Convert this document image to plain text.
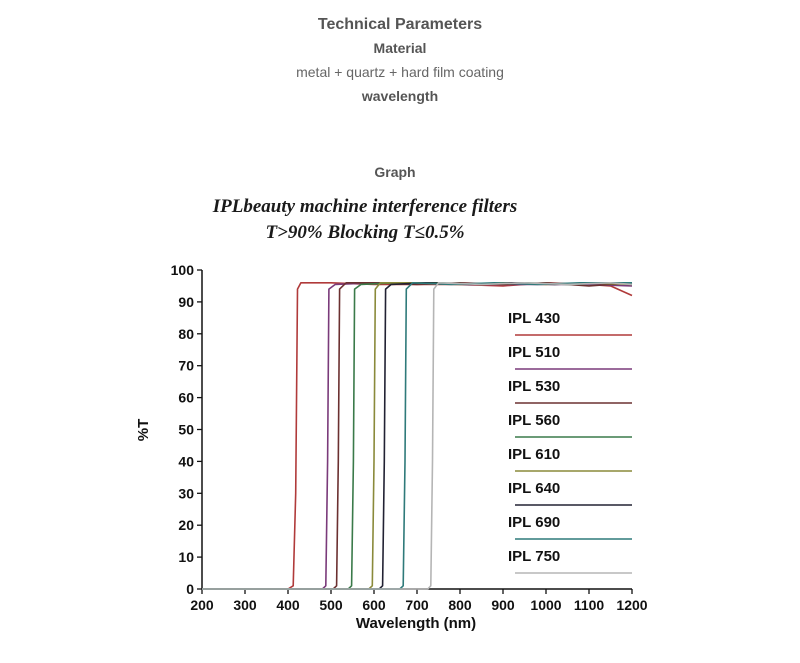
Technical Parameters
Material
metal + quartz + hard film coating
wavelength
Graph
IPLbeauty machine interference filters
T>90% Blocking T≤0.5%
0
10
20
30
40
50
60
70
80
90
100
200 300 400 500 600 700 800 900 1000 1100 1200
IPL 430
IPL 510
IPL 530
IPL 560
IPL 610
IPL 640
IPL 690
IPL 750
Wavelength (nm)
%T
